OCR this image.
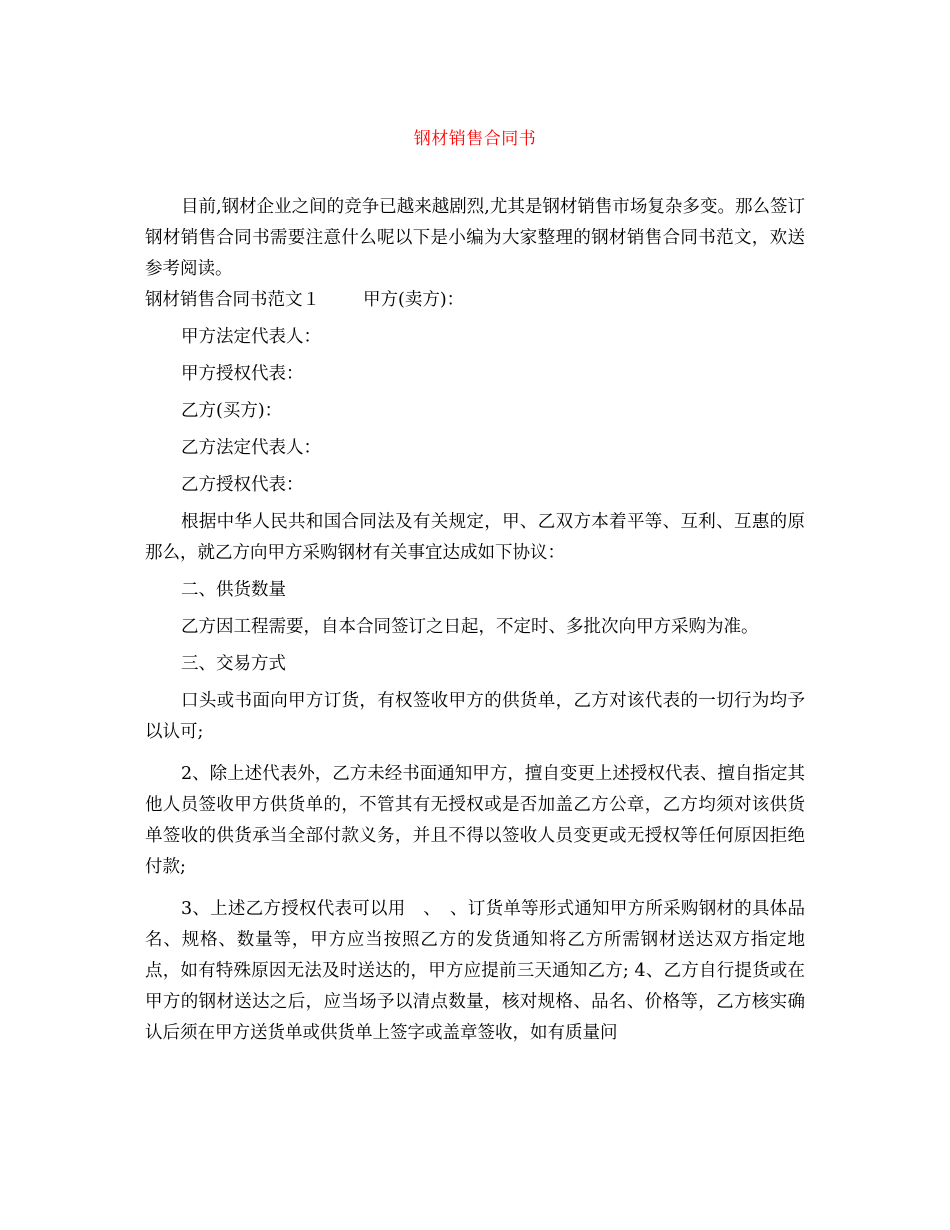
钢材销售合同书

目前,钢材企业之间的竞争已越来越剧烈,尤其是钢材销售市场复杂多变。那么签订钢材销售合同书需要注意什么呢以下是小编为大家整理的钢材销售合同书范文，欢送参考阅读。

钢材销售合同书范文１ 甲方(卖方)：

甲方法定代表人：

甲方授权代表：

乙方(买方)：

乙方法定代表人：

乙方授权代表：

根据中华人民共和国合同法及有关规定，甲、乙双方本着平等、互利、互惠的原那么，就乙方向甲方采购钢材有关事宜达成如下协议：

二、供货数量

乙方因工程需要，自本合同签订之日起，不定时、多批次向甲方采购为准。

三、交易方式

口头或书面向甲方订货，有权签收甲方的供货单，乙方对该代表的一切行为均予以认可;

2、除上述代表外，乙方未经书面通知甲方，擅自变更上述授权代表、擅自指定其他人员签收甲方供货单的，不管其有无授权或是否加盖乙方公章，乙方均须对该供货单签收的供货承当全部付款义务，并且不得以签收人员变更或无授权等任何原因拒绝付款;

3、上述乙方授权代表可以用　、　、订货单等形式通知甲方所采购钢材的具体品名、规格、数量等，甲方应当按照乙方的发货通知将乙方所需钢材送达双方指定地点，如有特殊原因无法及时送达的，甲方应提前三天通知乙方; 4、乙方自行提货或在甲方的钢材送达之后，应当场予以清点数量，核对规格、品名、价格等，乙方核实确认后须在甲方送货单或供货单上签字或盖章签收，如有质量问
